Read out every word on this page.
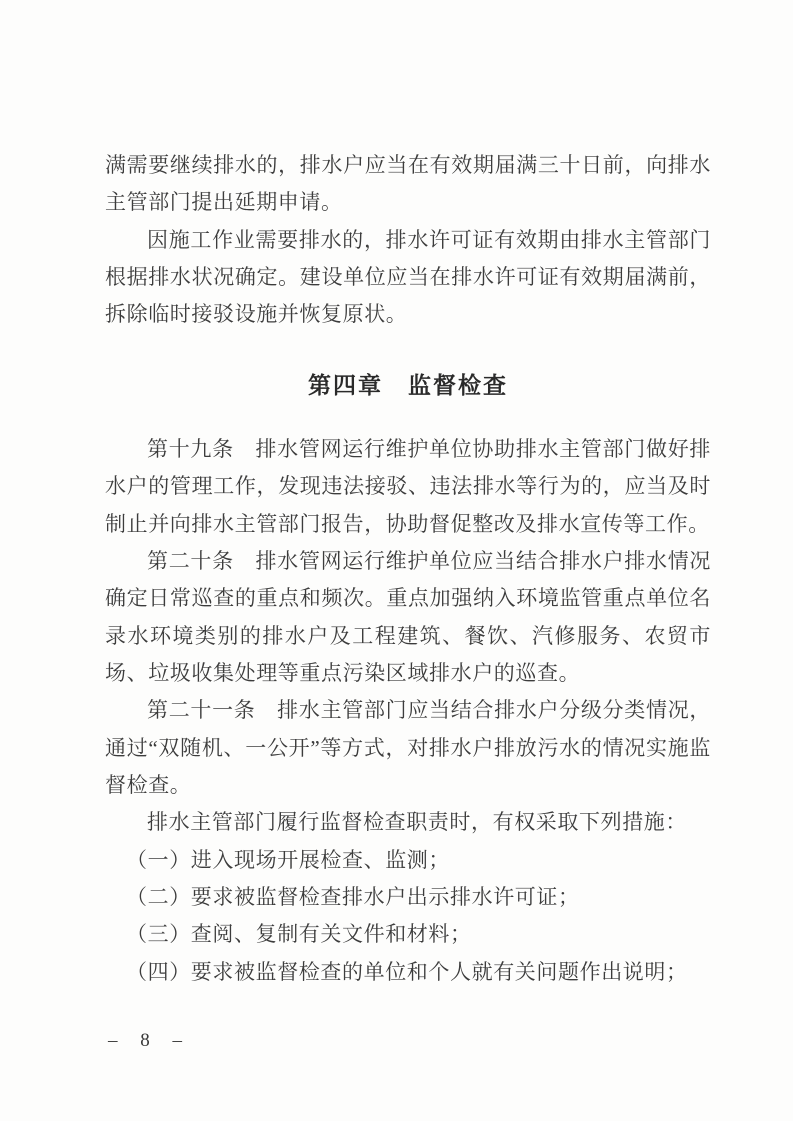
满需要继续排水的，排水户应当在有效期届满三十日前，向排水主管部门提出延期申请。

因施工作业需要排水的，排水许可证有效期由排水主管部门根据排水状况确定。建设单位应当在排水许可证有效期届满前，拆除临时接驳设施并恢复原状。

第四章　监督检查

第十九条　排水管网运行维护单位协助排水主管部门做好排水户的管理工作，发现违法接驳、违法排水等行为的，应当及时制止并向排水主管部门报告，协助督促整改及排水宣传等工作。

第二十条　排水管网运行维护单位应当结合排水户排水情况确定日常巡查的重点和频次。重点加强纳入环境监管重点单位名录水环境类别的排水户及工程建筑、餐饮、汽修服务、农贸市场、垃圾收集处理等重点污染区域排水户的巡查。

第二十一条　排水主管部门应当结合排水户分级分类情况，通过“双随机、一公开”等方式，对排水户排放污水的情况实施监督检查。

排水主管部门履行监督检查职责时，有权采取下列措施：

（一）进入现场开展检查、监测；

（二）要求被监督检查排水户出示排水许可证；

（三）查阅、复制有关文件和材料；

（四）要求被监督检查的单位和个人就有关问题作出说明；

– 8 –
